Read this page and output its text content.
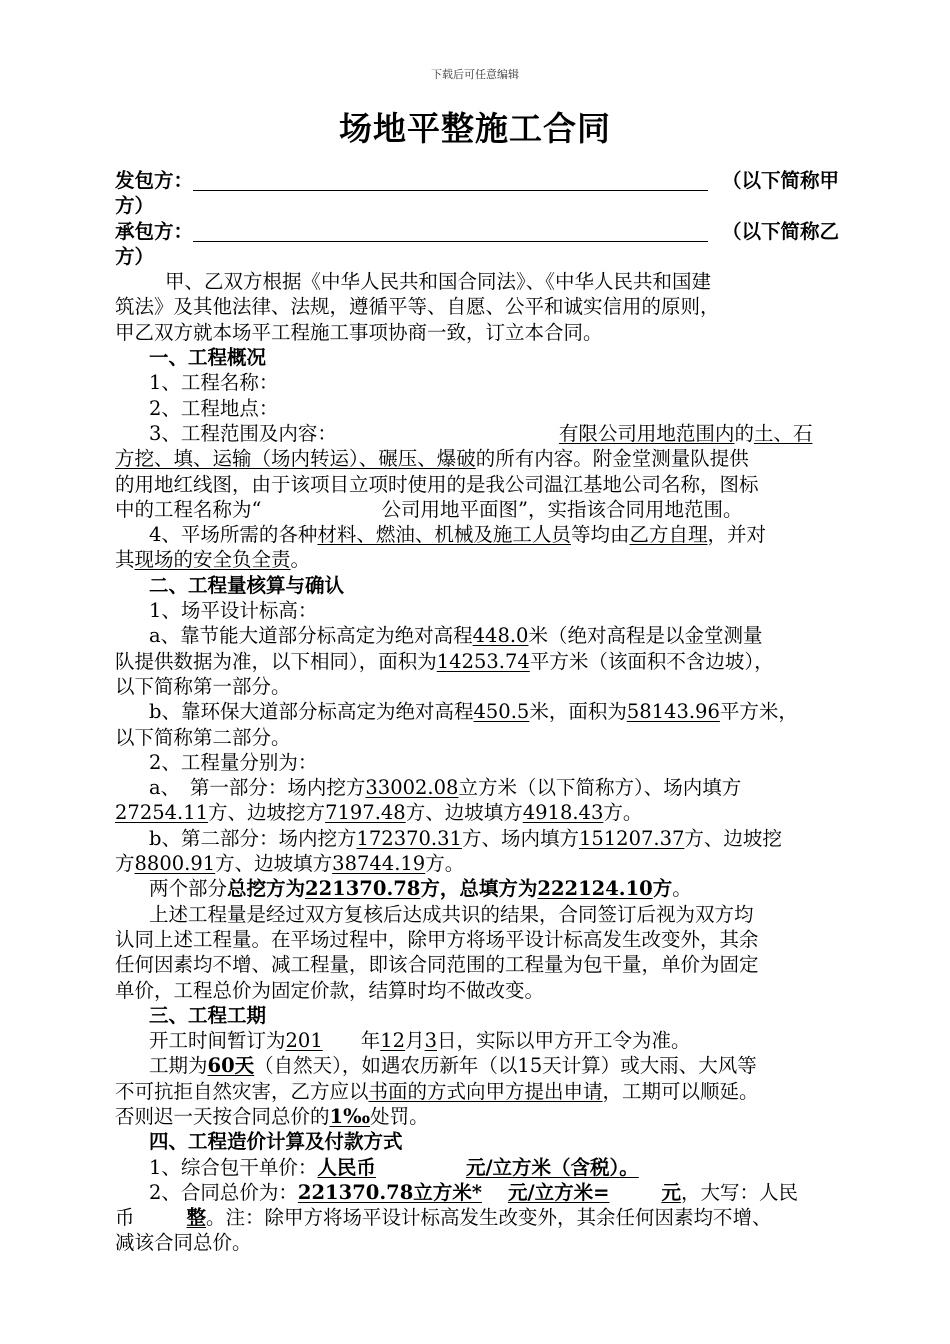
下载后可任意编辑
场地平整施工合同
发包方：	（以下简称甲
方）
承包方：	（以下简称乙
方）
甲、乙双方根据《中华人民共和国合同法》、《中华人民共和国建
筑法》及其他法律、法规，遵循平等、自愿、公平和诚实信用的原则，
甲乙双方就本场平工程施工事项协商一致，订立本合同。
一、工程概况
1、工程名称：
2、工程地点：
3、工程范围及内容：	有限公司用地范围内的土、石
方挖、填、运输（场内转运）、碾压、爆破的所有内容。附金堂测量队提供
的用地红线图，由于该项目立项时使用的是我公司温江基地公司名称，图标
中的工程名称为“	公司用地平面图”，实指该合同用地范围。
4、平场所需的各种材料、燃油、机械及施工人员等均由乙方自理，并对
其现场的安全负全责。
二、工程量核算与确认
1、场平设计标高：
a、靠节能大道部分标高定为绝对高程448.0米（绝对高程是以金堂测量
队提供数据为准，以下相同），面积为14253.74平方米（该面积不含边坡），
以下简称第一部分。
b、靠环保大道部分标高定为绝对高程450.5米，面积为58143.96平方米，
以下简称第二部分。
2、工程量分别为：
a、　第一部分：场内挖方33002.08立方米（以下简称方）、场内填方
27254.11方、边坡挖方7197.48方、边坡填方4918.43方。
b、第二部分：场内挖方172370.31方、场内填方151207.37方、边坡挖
方8800.91方、边坡填方38744.19方。
两个部分总挖方为221370.78方，总填方为222124.10方。
上述工程量是经过双方复核后达成共识的结果，合同签订后视为双方均
认同上述工程量。在平场过程中，除甲方将场平设计标高发生改变外，其余
任何因素均不增、减工程量，即该合同范围的工程量为包干量，单价为固定
单价，工程总价为固定价款，结算时均不做改变。
三、工程工期
开工时间暂订为201 年12月3日，实际以甲方开工令为准。
工期为60天（自然天），如遇农历新年（以15天计算）或大雨、大风等
不可抗拒自然灾害，乙方应以书面的方式向甲方提出申请，工期可以顺延。
否则迟一天按合同总价的1‰处罚。
四、工程造价计算及付款方式
1、综合包干单价：人民币	元/立方米（含税）。
2、合同总价为：221370.78立方米* 元/立方米=	元，大写：人民
币	整。注：除甲方将场平设计标高发生改变外，其余任何因素均不增、
减该合同总价。
